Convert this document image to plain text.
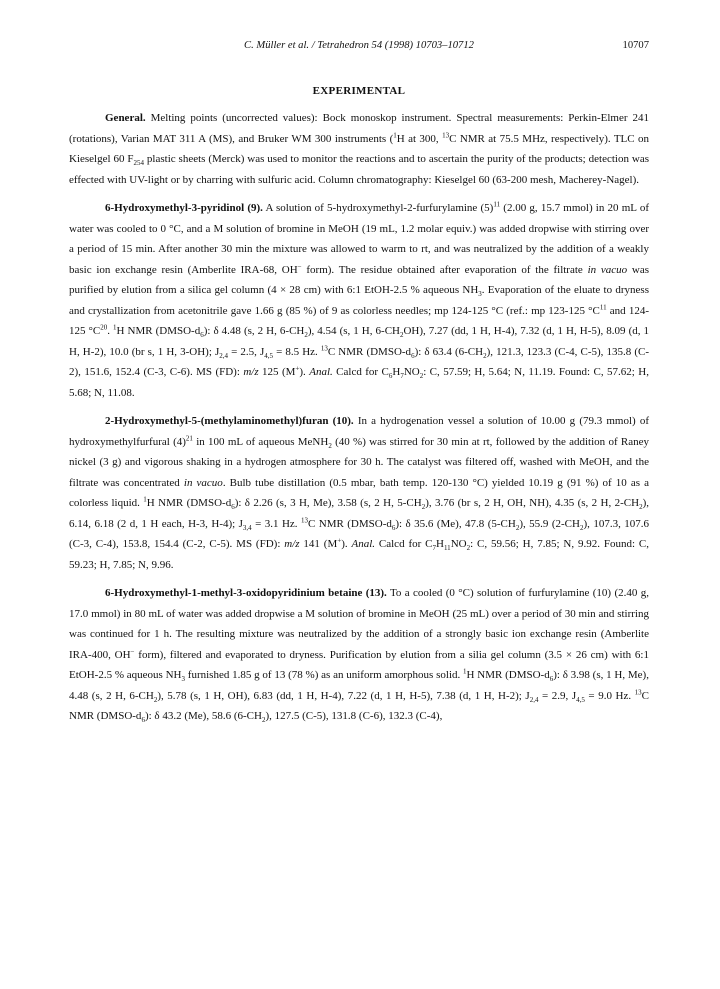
C. Müller et al. / Tetrahedron 54 (1998) 10703–10712	10707
EXPERIMENTAL

General. Melting points (uncorrected values): Bock monoskop instrument. Spectral measurements: Perkin-Elmer 241 (rotations), Varian MAT 311 A (MS), and Bruker WM 300 instruments ($^1$H at 300, $^{13}$C NMR at 75.5 MHz, respectively). TLC on Kieselgel 60 $F_{254}$ plastic sheets (Merck) was used to monitor the reactions and to ascertain the purity of the products; detection was effected with UV-light or by charring with sulfuric acid. Column chromatography: Kieselgel 60 (63-200 mesh, Macherey-Nagel).

6-Hydroxymethyl-3-pyridinol (9). A solution of 5-hydroxymethyl-2-furfurylamine $(5)^{11}$ (2.00 g, 15.7 mmol) in 20 mL of water was cooled to 0 °C, and a M solution of bromine in MeOH (19 mL, 1.2 molar equiv.) was added dropwise with stirring over a period of 15 min. After another 30 min the mixture was allowed to warm to rt, and was neutralized by the addition of a weakly basic ion exchange resin (Amberlite IRA-68, OH− form). The residue obtained after evaporation of the filtrate in vacuo was purified by elution from a silica gel column (4 × 28 cm) with 6:1 EtOH-2.5 % aqueous $NH_3$. Evaporation of the eluate to dryness and crystallization from acetonitrile gave 1.66 g (85 %) of 9 as colorless needles; mp 124-125 °C (ref.: mp 123-125 $^\circ C^{11}$ and 124-125 $^\circ C^{20}$. $^1$H NMR $(DMSO-d_6)$: δ 4.48 (s, 2 H, $6-CH_2$), 4.54 (s, 1 H, $6-CH_2OH$), 7.27 (dd, 1 H, H-4), 7.32 (d, 1 H, H-5), 8.09 (d, 1 H, H-2), 10.0 (br s, 1 H, 3-OH); $J_{2,4} = 2.5$, $J_{4,5} = 8.5$ Hz. $^{13}$C NMR $(DMSO-d_6)$: δ 63.4 $(6-CH_2)$, 121.3, 123.3 (C-4, C-5), 135.8 (C-2), 151.6, 152.4 (C-3, C-6). MS (FD): m/z 125 (M+). Anal. Calcd for $C_6H_7NO_2$: C, 57.59; H, 5.64; N, 11.19. Found: C, 57.62; H, 5.68; N, 11.08.

2-Hydroxymethyl-5-(methylaminomethyl)furan (10). In a hydrogenation vessel a solution of 10.00 g (79.3 mmol) of hydroxymethylfurfural $(4)^{21}$ in 100 mL of aqueous MeNH$_2$ (40 %) was stirred for 30 min at rt, followed by the addition of Raney nickel (3 g) and vigorous shaking in a hydrogen atmosphere for 30 h. The catalyst was filtered off, washed with MeOH, and the filtrate was concentrated in vacuo. Bulb tube distillation (0.5 mbar, bath temp. 120-130 °C) yielded 10.19 g (91 %) of 10 as a colorless liquid. $^1$H NMR $(DMSO-d_6)$: δ 2.26 (s, 3 H, Me), 3.58 (s, 2 H, $5-CH_2$), 3.76 (br s, 2 H, OH, NH), 4.35 (s, 2 H, $2-CH_2$), 6.14, 6.18 (2 d, 1 H each, H-3, H-4); $J_{3,4} = 3.1$ Hz. $^{13}$C NMR $(DMSO-d_6)$: δ 35.6 (Me), 47.8 $(5-CH_2)$, 55.9 $(2-CH_2)$, 107.3, 107.6 (C-3, C-4), 153.8, 154.4 (C-2, C-5). MS (FD): m/z 141 (M+). Anal. Calcd for $C_7H_{11}NO_2$: C, 59.56; H, 7.85; N, 9.92. Found: C, 59.23; H, 7.85; N, 9.96.

6-Hydroxymethyl-1-methyl-3-oxidopyridinium betaine (13). To a cooled (0 °C) solution of furfurylamine (10) (2.40 g, 17.0 mmol) in 80 mL of water was added dropwise a M solution of bromine in MeOH (25 mL) over a period of 30 min and stirring was continued for 1 h. The resulting mixture was neutralized by the addition of a strongly basic ion exchange resin (Amberlite IRA-400, OH− form), filtered and evaporated to dryness. Purification by elution from a silia gel column (3.5 × 26 cm) with 6:1 EtOH-2.5 % aqueous $NH_3$ furnished 1.85 g of 13 (78 %) as an uniform amorphous solid. $^1$H NMR $(DMSO-d_6)$: δ 3.98 (s, 1 H, Me), 4.48 (s, 2 H, $6-CH_2$), 5.78 (s, 1 H, OH), 6.83 (dd, 1 H, H-4), 7.22 (d, 1 H, H-5), 7.38 (d, 1 H, H-2); $J_{2,4} = 2.9$, $J_{4,5} = 9.0$ Hz. $^{13}$C NMR $(DMSO-d_6)$: δ 43.2 (Me), 58.6 $(6-CH_2)$, 127.5 (C-5), 131.8 (C-6), 132.3 (C-4),
